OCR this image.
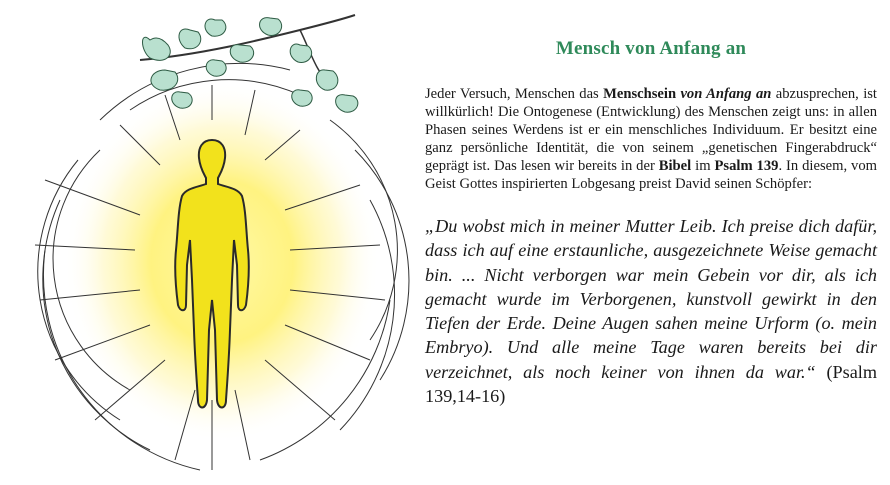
Mensch von Anfang an

Jeder Versuch, Menschen das Menschsein von Anfang an abzusprechen, ist willkürlich! Die Ontogenese (Entwicklung) des Menschen zeigt uns: in allen Phasen seines Werdens ist er ein menschliches Individuum. Er besitzt eine ganz persönliche Identität, die von seinem „genetischen Fingerabdruck“ geprägt ist. Das lesen wir bereits in der Bibel im Psalm 139. In diesem, vom Geist Gottes inspirierten Lobgesang preist David seinen Schöpfer:

„Du wobst mich in meiner Mutter Leib. Ich preise dich dafür, dass ich auf eine erstaunliche, ausgezeichnete Weise gemacht bin. ... Nicht verborgen war mein Gebein vor dir, als ich gemacht wurde im Verborgenen, kunstvoll gewirkt in den Tiefen der Erde. Deine Augen sahen meine Urform (o. mein Embryo). Und alle meine Tage waren bereits bei dir verzeichnet, als noch keiner von ihnen da war.“ (Psalm 139,14-16)
